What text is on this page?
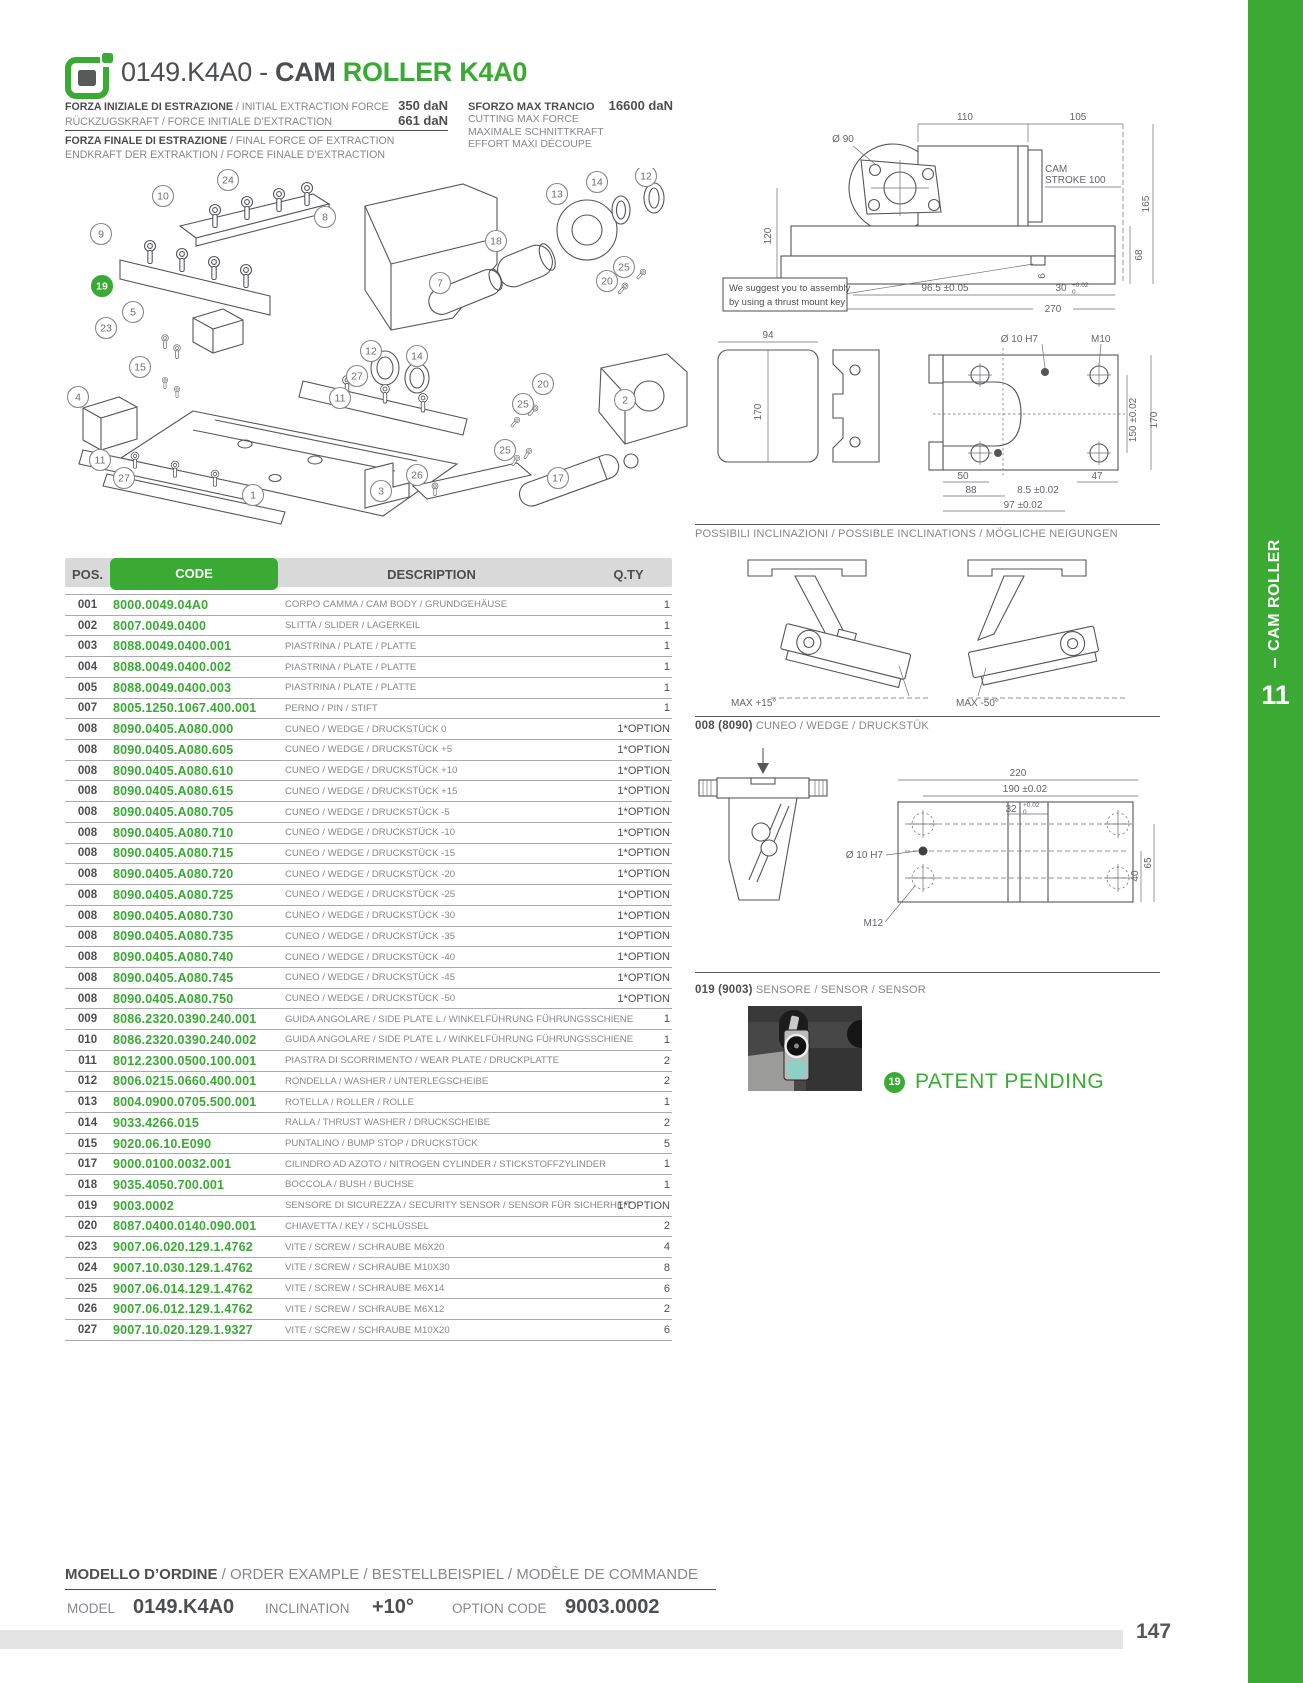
0149.K4A0 - CAM ROLLER K4A0
FORZA INIZIALE DI ESTRAZIONE / INITIAL EXTRACTION FORCE 350 daN
RÜCKZUGSKRAFT / FORCE INITIALE D’EXTRACTION	661 daN
FORZA FINALE DI ESTRAZIONE / FINAL FORCE OF EXTRACTION
ENDKRAFT DER EXTRAKTION / FORCE FINALE D’EXTRACTION
SFORZO MAX TRANCIO 16600 daN
CUTTING MAX FORCE
MAXIMALE SCHNITTKRAFT
EFFORT MAXI DÉCOUPE
9
10
24
19
8
13
14	12
18
7
25
20
5
23
15
4
12	14
27
11
20
25	2
11
27
1	3
26
25
17
110	105
Ø 90
CAM
STROKE 100
120
68
165
96.5 ±0.05	30 +0.02
0
6
270
We suggest you to assembly
by using a thrust mount key
94
170
Ø 10 H7	M10
150 ±0.02 170
50
88	8.5 ±0.02
97 ±0.02
47
POSSIBILI INCLINAZIONI / POSSIBLE INCLINATIONS / MÖGLICHE NEIGUNGEN
MAX +15°	MAX -50°
008 (8090) CUNEO / WEDGE / DRUCKSTÜK
220
190 ±0.02
32 +0.02
0
Ø 10 H7
M12
40
65
019 (9003) SENSORE / SENSOR / SENSOR
19 PATENT PENDING
POS.	CODE	DESCRIPTION	Q.TY
001	8000.0049.04A0	CORPO CAMMA / CAM BODY / GRUNDGEHÄUSE	1
002	8007.0049.0400	SLITTA / SLIDER / LAGERKEIL	1
003	8088.0049.0400.001	PIASTRINA / PLATE / PLATTE	1
004	8088.0049.0400.002	PIASTRINA / PLATE / PLATTE	1
005	8088.0049.0400.003	PIASTRINA / PLATE / PLATTE	1
007	8005.1250.1067.400.001	PERNO / PIN / STIFT	1
008	8090.0405.A080.000	CUNEO / WEDGE / DRUCKSTÜCK 0	1*OPTION
008	8090.0405.A080.605	CUNEO / WEDGE / DRUCKSTÜCK +5	1*OPTION
008	8090.0405.A080.610	CUNEO / WEDGE / DRUCKSTÜCK +10	1*OPTION
008	8090.0405.A080.615	CUNEO / WEDGE / DRUCKSTÜCK +15	1*OPTION
008	8090.0405.A080.705	CUNEO / WEDGE / DRUCKSTÜCK -5	1*OPTION
008	8090.0405.A080.710	CUNEO / WEDGE / DRUCKSTÜCK -10	1*OPTION
008	8090.0405.A080.715	CUNEO / WEDGE / DRUCKSTÜCK -15	1*OPTION
008	8090.0405.A080.720	CUNEO / WEDGE / DRUCKSTÜCK -20	1*OPTION
008	8090.0405.A080.725	CUNEO / WEDGE / DRUCKSTÜCK -25	1*OPTION
008	8090.0405.A080.730	CUNEO / WEDGE / DRUCKSTÜCK -30	1*OPTION
008	8090.0405.A080.735	CUNEO / WEDGE / DRUCKSTÜCK -35	1*OPTION
008	8090.0405.A080.740	CUNEO / WEDGE / DRUCKSTÜCK -40	1*OPTION
008	8090.0405.A080.745	CUNEO / WEDGE / DRUCKSTÜCK -45	1*OPTION
008	8090.0405.A080.750	CUNEO / WEDGE / DRUCKSTÜCK -50	1*OPTION
009	8086.2320.0390.240.001	GUIDA ANGOLARE / SIDE PLATE L / WINKELFÜHRUNG FÜHRUNGSSCHIENE	1
010	8086.2320.0390.240.002	GUIDA ANGOLARE / SIDE PLATE L / WINKELFÜHRUNG FÜHRUNGSSCHIENE	1
011	8012.2300.0500.100.001	PIASTRA DI SCORRIMENTO / WEAR PLATE / DRUCKPLATTE	2
012	8006.0215.0660.400.001	RONDELLA / WASHER / UNTERLEGSCHEIBE	2
013	8004.0900.0705.500.001	ROTELLA / ROLLER / ROLLE	1
014	9033.4266.015	RALLA / THRUST WASHER / DRUCKSCHEIBE	2
015	9020.06.10.E090	PUNTALINO / BUMP STOP / DRUCKSTÜCK	5
017	9000.0100.0032.001	CILINDRO AD AZOTO / NITROGEN CYLINDER / STICKSTOFFZYLINDER	1
018	9035.4050.700.001	BOCCOLA / BUSH / BUCHSE	1
019	9003.0002	SENSORE DI SICUREZZA / SECURITY SENSOR / SENSOR FÜR SICHERHEIT
1*OPTION
020	8087.0400.0140.090.001	CHIAVETTA / KEY / SCHLÜSSEL	2
023	9007.06.020.129.1.4762	VITE / SCREW / SCHRAUBE M6X20	4
024	9007.10.030.129.1.4762	VITE / SCREW / SCHRAUBE M10X30	8
025	9007.06.014.129.1.4762	VITE / SCREW / SCHRAUBE M6X14	6
026	9007.06.012.129.1.4762	VITE / SCREW / SCHRAUBE M6X12	2
027	9007.10.020.129.1.9327	VITE / SCREW / SCHRAUBE M10X20	6
MODELLO D’ORDINE / ORDER EXAMPLE / BESTELLBEISPIEL / MODÈLE DE COMMANDE
MODEL 0149.K4A0 INCLINATION +10°	OPTION CODE 9003.0002
147
CAM ROLLER
11
